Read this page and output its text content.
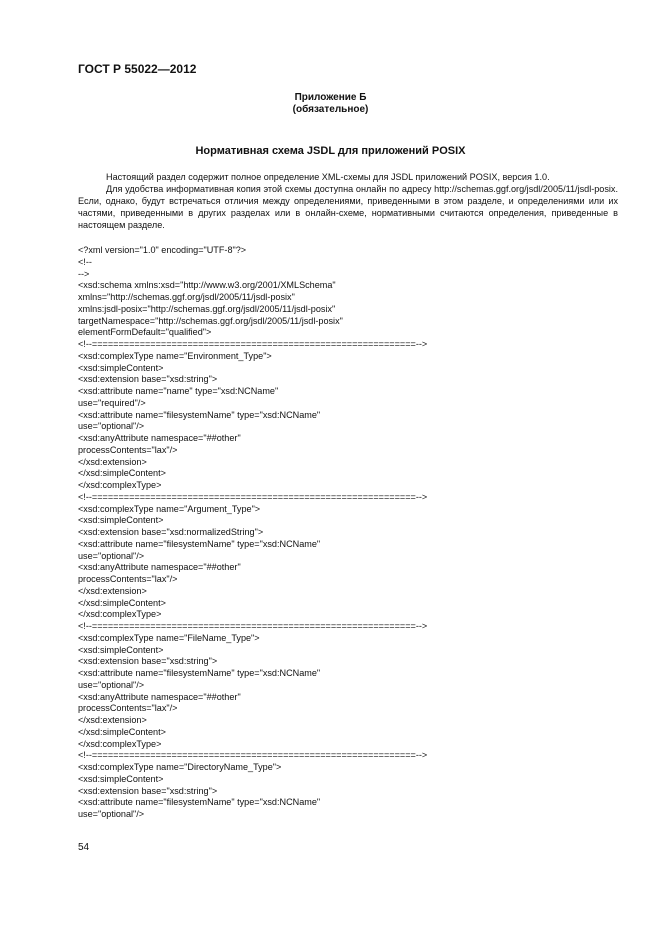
ГОСТ Р 55022—2012

Приложение Б
(обязательное)

Нормативная схема JSDL для приложений POSIX

Настоящий раздел содержит полное определение XML-схемы для JSDL приложений POSIX, версия 1.0.

Для удобства информативная копия этой схемы доступна онлайн по адресу http://schemas.ggf.org/jsdl/2005/11/jsdl-posix. Если, однако, будут встречаться отличия между определениями, приведенными в этом разделе, и определениями или их частями, приведенными в других разделах или в онлайн-схеме, нормативными считаются определения, приведенные в настоящем разделе.

<?xml version="1.0" encoding="UTF-8"?>
<!--
-->
<xsd:schema xmlns:xsd="http://www.w3.org/2001/XMLSchema"
xmlns="http://schemas.ggf.org/jsdl/2005/11/jsdl-posix"
xmlns:jsdl-posix="http://schemas.ggf.org/jsdl/2005/11/jsdl-posix"
targetNamespace="http://schemas.ggf.org/jsdl/2005/11/jsdl-posix"
elementFormDefault="qualified">
<!--=============================================================-->
<xsd:complexType name="Environment_Type">
<xsd:simpleContent>
<xsd:extension base="xsd:string">
<xsd:attribute name="name" type="xsd:NCName"
use="required"/>
<xsd:attribute name="filesystemName" type="xsd:NCName"
use="optional"/>
<xsd:anyAttribute namespace="##other"
processContents="lax"/>
</xsd:extension>
</xsd:simpleContent>
</xsd:complexType>
<!--=============================================================-->
<xsd:complexType name="Argument_Type">
<xsd:simpleContent>
<xsd:extension base="xsd:normalizedString">
<xsd:attribute name="filesystemName" type="xsd:NCName"
use="optional"/>
<xsd:anyAttribute namespace="##other"
processContents="lax"/>
</xsd:extension>
</xsd:simpleContent>
</xsd:complexType>
<!--=============================================================-->
<xsd:complexType name="FileName_Type">
<xsd:simpleContent>
<xsd:extension base="xsd:string">
<xsd:attribute name="filesystemName" type="xsd:NCName"
use="optional"/>
<xsd:anyAttribute namespace="##other"
processContents="lax"/>
</xsd:extension>
</xsd:simpleContent>
</xsd:complexType>
<!--=============================================================-->
<xsd:complexType name="DirectoryName_Type">
<xsd:simpleContent>
<xsd:extension base="xsd:string">
<xsd:attribute name="filesystemName" type="xsd:NCName"
use="optional"/>

54
